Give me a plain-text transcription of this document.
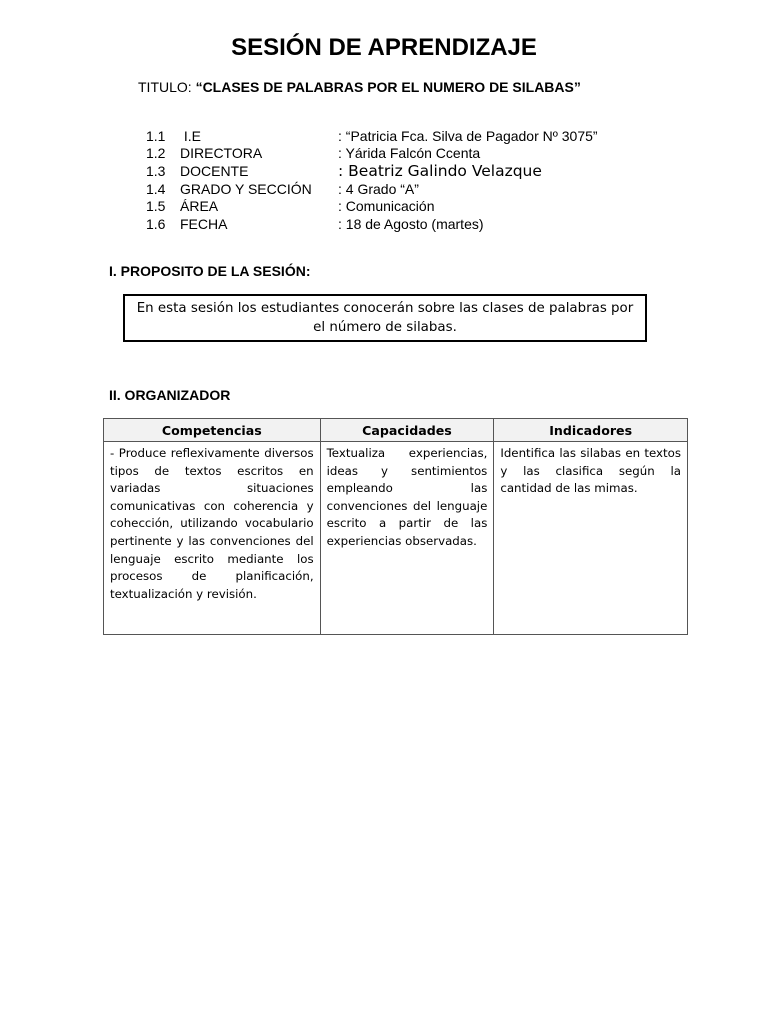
SESIÓN DE APRENDIZAJE
TITULO: “CLASES DE PALABRAS POR EL NUMERO DE SILABAS”
1.1	I.E	: “Patricia Fca. Silva de Pagador Nº 3075”
1.2	DIRECTORA	: Yárida Falcón Ccenta
1.3	DOCENTE	: Beatriz Galindo Velazque
1.4	GRADO Y SECCIÓN	: 4 Grado “A”
1.5	ÁREA	: Comunicación
1.6	FECHA	: 18 de Agosto (martes)
I. PROPOSITO DE LA SESIÓN:
En esta sesión los estudiantes conocerán sobre las clases de palabras por el número de silabas.
II. ORGANIZADOR
Competencias	Capacidades	Indicadores
- Produce reflexivamente diversos tipos de textos escritos en variadas situaciones comunicativas con coherencia y cohección, utilizando vocabulario pertinente y las convenciones del lenguaje escrito mediante los procesos de planificación, textualización y revisión.	Textualiza experiencias, ideas y sentimientos empleando las convenciones del lenguaje escrito a partir de las experiencias observadas.	Identifica las silabas en textos y las clasifica según la cantidad de las mimas.
